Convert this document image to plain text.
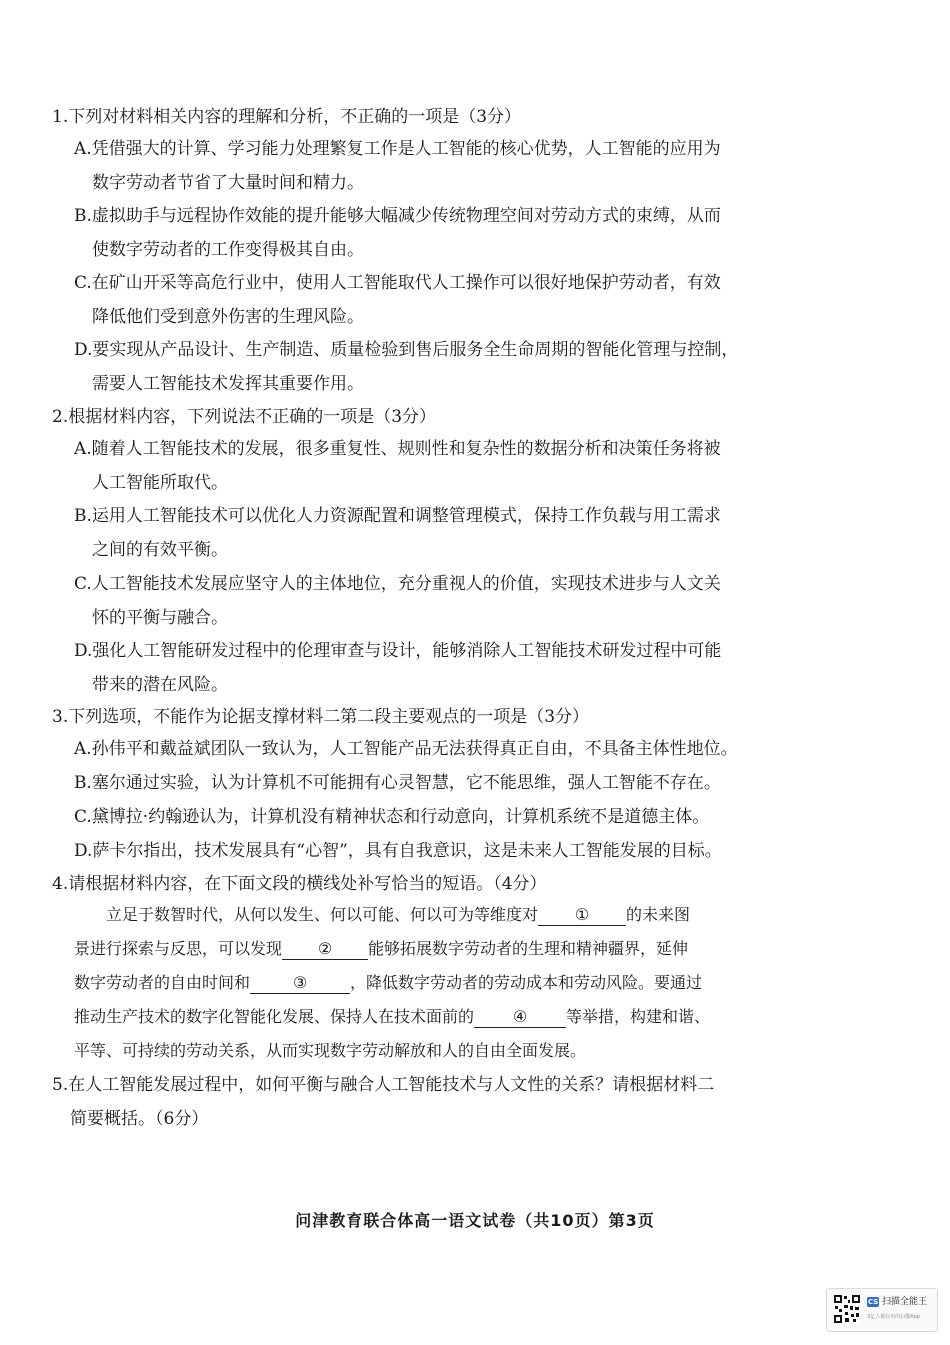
1.下列对材料相关内容的理解和分析，不正确的一项是（3分）
A.凭借强大的计算、学习能力处理繁复工作是人工智能的核心优势，人工智能的应用为
数字劳动者节省了大量时间和精力。
B.虚拟助手与远程协作效能的提升能够大幅减少传统物理空间对劳动方式的束缚，从而
使数字劳动者的工作变得极其自由。
C.在矿山开采等高危行业中，使用人工智能取代人工操作可以很好地保护劳动者，有效
降低他们受到意外伤害的生理风险。
D.要实现从产品设计、生产制造、质量检验到售后服务全生命周期的智能化管理与控制，
需要人工智能技术发挥其重要作用。
2.根据材料内容，下列说法不正确的一项是（3分）
A.随着人工智能技术的发展，很多重复性、规则性和复杂性的数据分析和决策任务将被
人工智能所取代。
B.运用人工智能技术可以优化人力资源配置和调整管理模式，保持工作负载与用工需求
之间的有效平衡。
C.人工智能技术发展应坚守人的主体地位，充分重视人的价值，实现技术进步与人文关
怀的平衡与融合。
D.强化人工智能研发过程中的伦理审查与设计，能够消除人工智能技术研发过程中可能
带来的潜在风险。
3.下列选项，不能作为论据支撑材料二第二段主要观点的一项是（3分）
A.孙伟平和戴益斌团队一致认为，人工智能产品无法获得真正自由，不具备主体性地位。
B.塞尔通过实验，认为计算机不可能拥有心灵智慧，它不能思维，强人工智能不存在。
C.黛博拉·约翰逊认为，计算机没有精神状态和行动意向，计算机系统不是道德主体。
D.萨卡尔指出，技术发展具有“心智”，具有自我意识，这是未来人工智能发展的目标。
4.请根据材料内容，在下面文段的横线处补写恰当的短语。（4分）
立足于数智时代，从何以发生、何以可能、何以可为等维度对 ① 的未来图
景进行探索与反思，可以发现 ② 能够拓展数字劳动者的生理和精神疆界，延伸
数字劳动者的自由时间和	③	，降低数字劳动者的劳动成本和劳动风险。要通过
推动生产技术的数字化智能化发展、保持人在技术面前的 ④ 等举措，构建和谐、
平等、可持续的劳动关系，从而实现数字劳动解放和人的自由全面发展。
5.在人工智能发展过程中，如何平衡与融合人工智能技术与人文性的关系？请根据材料二
简要概括。（6分）
问津教育联合体高一语文试卷（共10页）第3页
CS 扫描全能王
3亿人都在用的扫描App
